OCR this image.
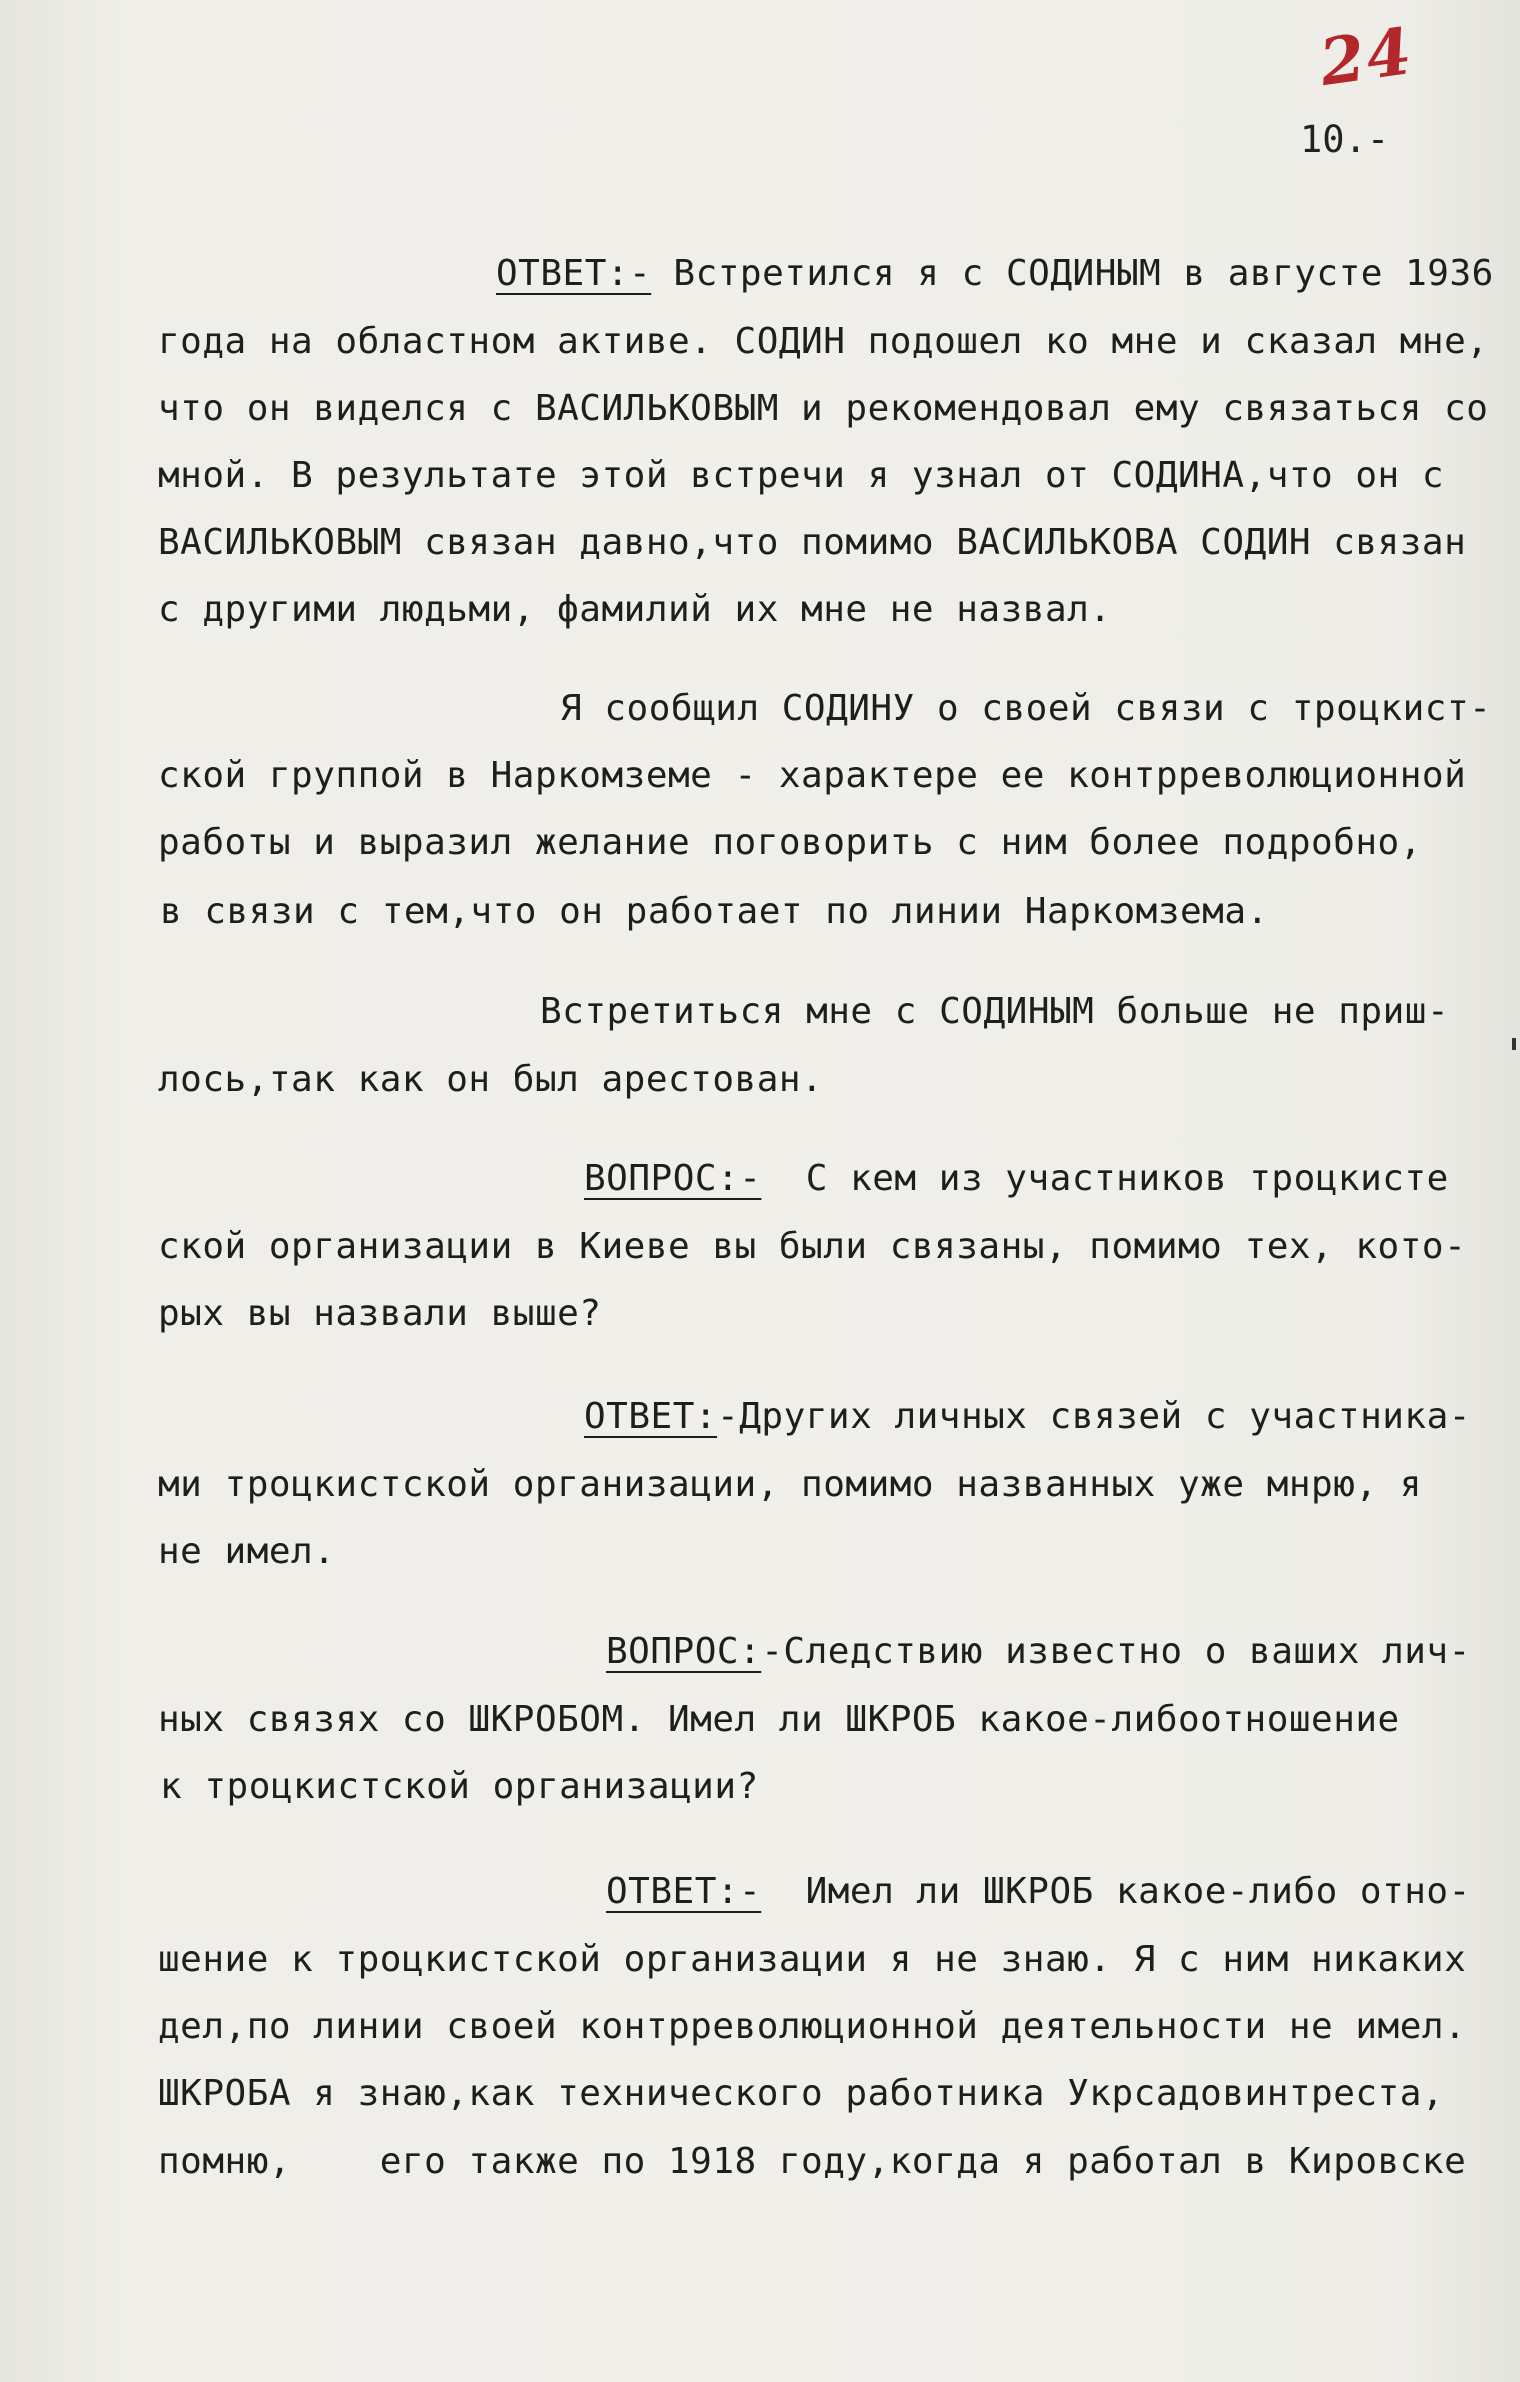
24
10.-
ОТВЕТ:- Встретился я с СОДИНЫМ в августе 1936
года на областном активе. СОДИН подошел ко мне и сказал мне,
что он виделся с ВАСИЛЬКОВЫМ и рекомендовал ему связаться со
мной. В результате этой встречи я узнал от СОДИНА,что он с
ВАСИЛЬКОВЫМ связан давно,что помимо ВАСИЛЬКОВА СОДИН связан
с другими людьми, фамилий их мне не назвал.
Я сообщил СОДИНУ о своей связи с троцкист-
ской группой в Наркомземе - характере ее контрреволюционной
работы и выразил желание поговорить с ним более подробно,
в связи с тем,что он работает по линии Наркомзема.
Встретиться мне с СОДИНЫМ больше не приш-
лось,так как он был арестован.
ВОПРОС:-  С кем из участников троцкисте
ской организации в Киеве вы были связаны, помимо тех, кото-
рых вы назвали выше?
ОТВЕТ:-Других личных связей с участника-
ми троцкистской организации, помимо названных уже мнрю, я
не имел.
ВОПРОС:-Следствию известно о ваших лич-
ных связях со ШКРОБОМ. Имел ли ШКРОБ какое-либоотношение
к троцкистской организации?
ОТВЕТ:-  Имел ли ШКРОБ какое-либо отно-
шение к троцкистской организации я не знаю. Я с ним никаких
дел,по линии своей контрреволюционной деятельности не имел.
ШКРОБА я знаю,как технического работника Укрсадовинтреста,
помню,    его также по 1918 году,когда я работал в Кировске
